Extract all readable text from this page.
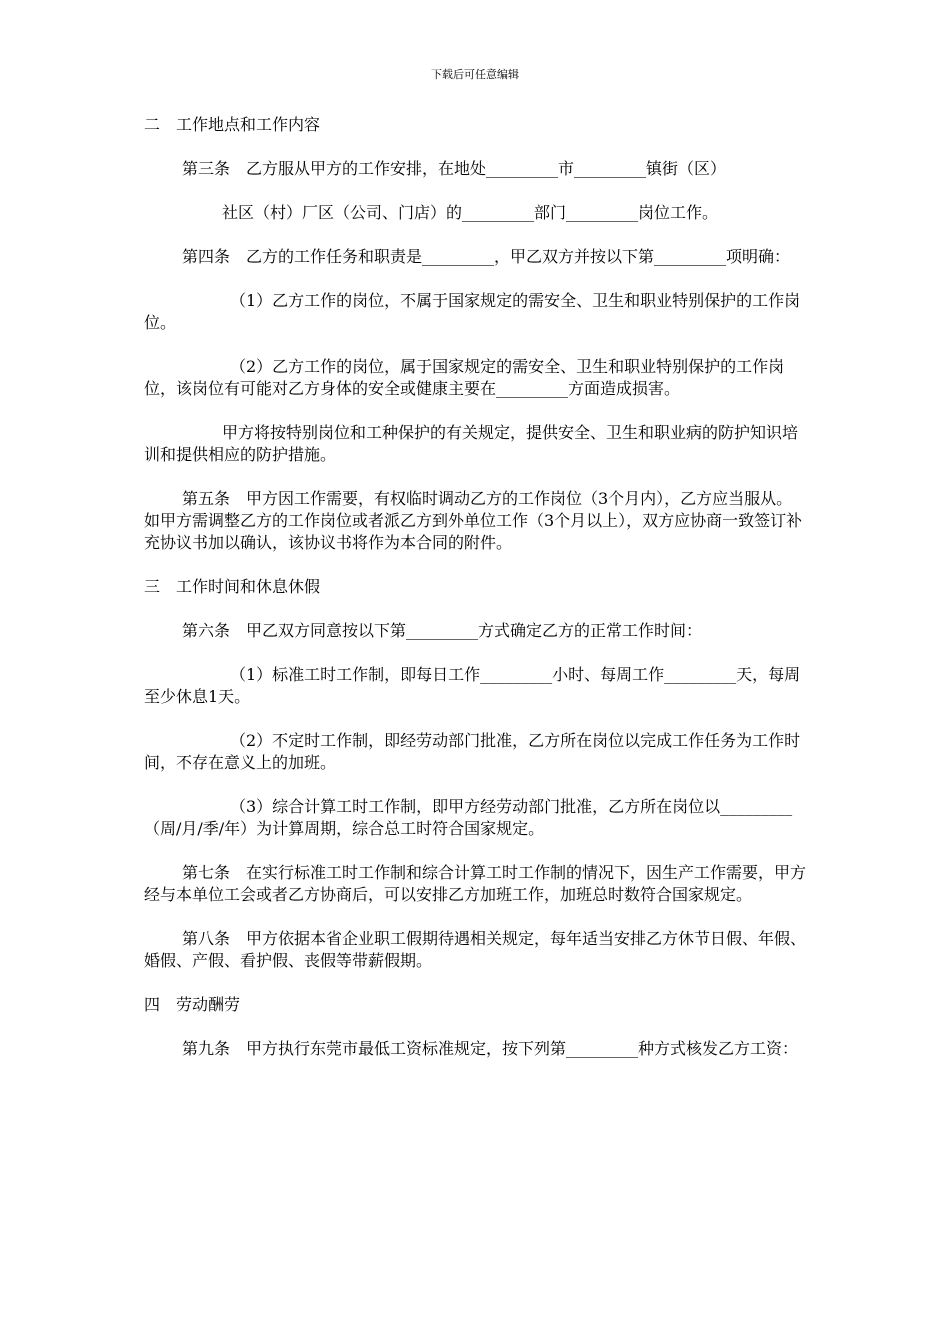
下载后可任意编辑

二　工作地点和工作内容

第三条　乙方服从甲方的工作安排，在地处_________市_________镇街（区）

社区（村）厂区（公司、门店）的_________部门_________岗位工作。

第四条　乙方的工作任务和职责是_________，甲乙双方并按以下第_________项明确：

（1）乙方工作的岗位，不属于国家规定的需安全、卫生和职业特别保护的工作岗位。

（2）乙方工作的岗位，属于国家规定的需安全、卫生和职业特别保护的工作岗位，该岗位有可能对乙方身体的安全或健康主要在_________方面造成损害。

甲方将按特别岗位和工种保护的有关规定，提供安全、卫生和职业病的防护知识培训和提供相应的防护措施。

第五条　甲方因工作需要，有权临时调动乙方的工作岗位（3个月内），乙方应当服从。如甲方需调整乙方的工作岗位或者派乙方到外单位工作（3个月以上），双方应协商一致签订补充协议书加以确认，该协议书将作为本合同的附件。

三　工作时间和休息休假

第六条　甲乙双方同意按以下第_________方式确定乙方的正常工作时间：

（1）标准工时工作制，即每日工作_________小时、每周工作_________天，每周至少休息1天。

（2）不定时工作制，即经劳动部门批准，乙方所在岗位以完成工作任务为工作时间，不存在意义上的加班。

（3）综合计算工时工作制，即甲方经劳动部门批准，乙方所在岗位以_________（周/月/季/年）为计算周期，综合总工时符合国家规定。

第七条　在实行标准工时工作制和综合计算工时工作制的情况下，因生产工作需要，甲方经与本单位工会或者乙方协商后，可以安排乙方加班工作，加班总时数符合国家规定。

第八条　甲方依据本省企业职工假期待遇相关规定，每年适当安排乙方休节日假、年假、婚假、产假、看护假、丧假等带薪假期。

四　劳动酬劳

第九条　甲方执行东莞市最低工资标准规定，按下列第_________种方式核发乙方工资：
